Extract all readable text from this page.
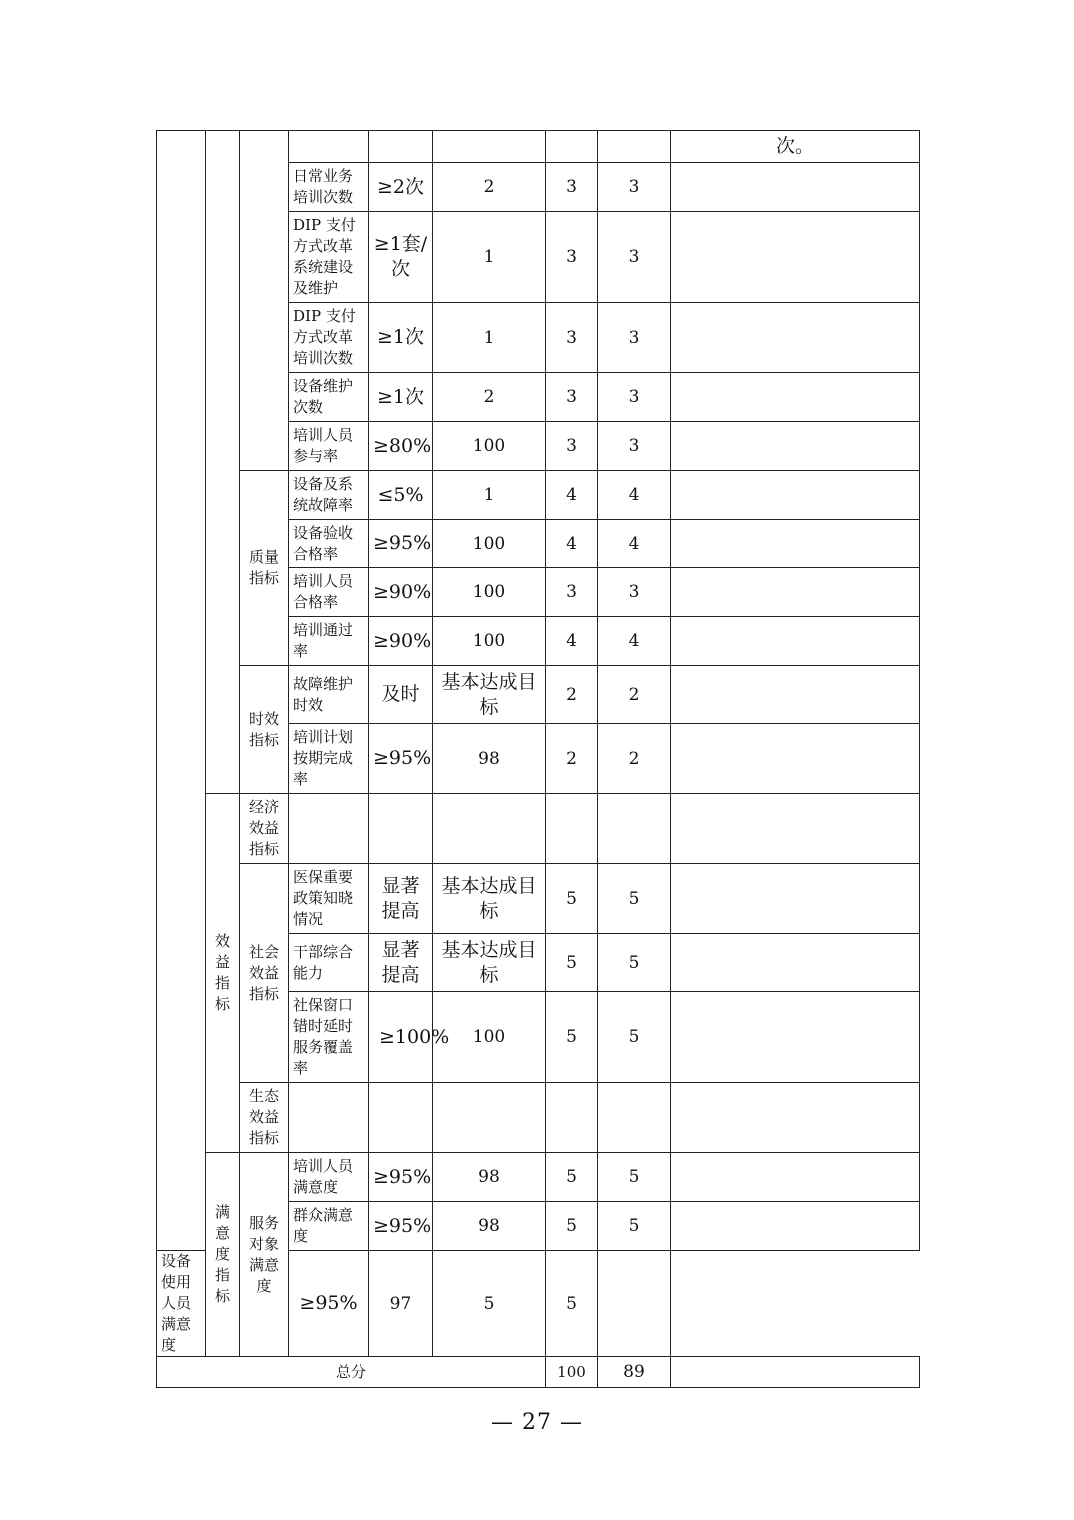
								次。
			日常业务培训次数	≥2次	2	3	3	
			DIP 支付方式改革系统建设及维护	≥1套/次	1	3	3	
			DIP 支付方式改革培训次数	≥1次	1	3	3	
			设备维护次数	≥1次	2	3	3	
			培训人员参与率	≥80%	100	3	3	

		质量指标	设备及系统故障率	≤5%	1	4	4	
			设备验收合格率	≥95%	100	4	4	
			培训人员合格率	≥90%	100	3	3	
			培训通过率	≥90%	100	4	4	

		时效指标	故障维护时效	及时	基本达成目标	2	2	
			培训计划按期完成率	≥95%	98	2	2	

	效益指标	经济效益指标						

		社会效益指标	医保重要政策知晓情况	显著提高	基本达成目标	5	5	
			干部综合能力	显著提高	基本达成目标	5	5	
			社保窗口错时延时服务覆盖率	≥100%	100	5	5	

		生态效益指标						

	满意度指标	服务对象满意度	培训人员满意度	≥95%	98	5	5	
			群众满意度	≥95%	98	5	5	
设备使用人员满意度			≥95%	97	5	5		
总分						100	89	
— 27 —
